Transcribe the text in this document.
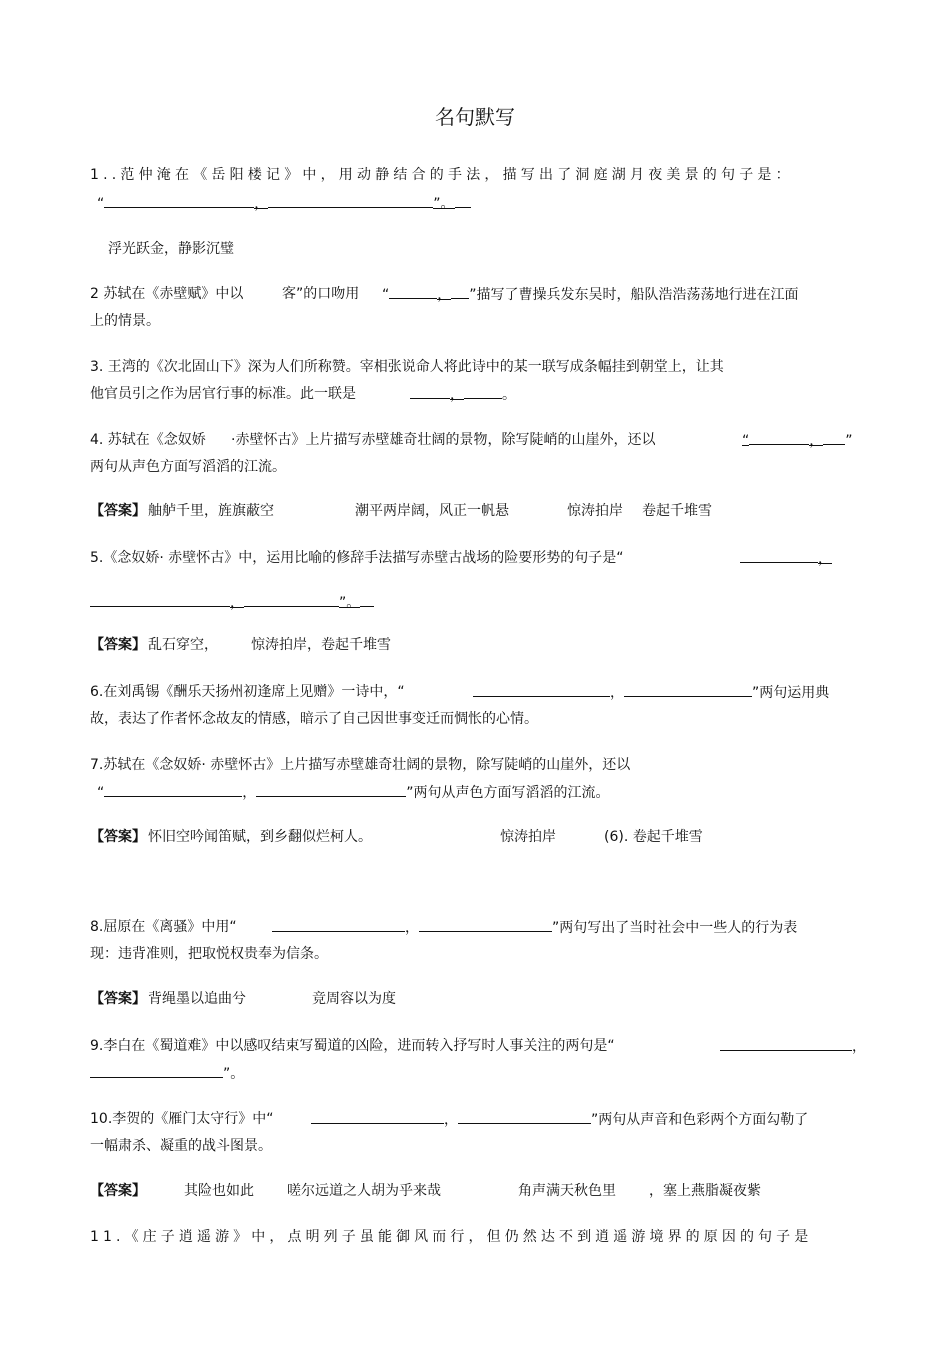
名句默写
1..范仲淹在《岳阳楼记》中，用动静结合的手法，描写出了洞庭湖月夜美景的句子是：
“	，	”。
浮光跃金，静影沉璧
2 苏轼在《赤壁赋》中以	客”的口吻用 “	， ”描写了曹操兵发东吴时，船队浩浩荡荡地行进在江面
上的情景。
3. 王湾的《次北固山下》深为人们所称赞。宰相张说命人将此诗中的某一联写成条幅挂到朝堂上，让其
他官员引之作为居官行事的标准。此一联是	，	。
4. 苏轼在《念奴娇 ·赤壁怀古》上片描写赤壁雄奇壮阔的景物，除写陡峭的山崖外，还以	“	， ”
两句从声色方面写滔滔的江流。
【答案】 舳舻千里，旌旗蔽空	潮平两岸阔，风正一帆悬	惊涛拍岸 卷起千堆雪
5.《念奴娇· 赤壁怀古》中，运用比喻的修辞手法描写赤壁古战场的险要形势的句子是“	，
，	”。
【答案】 乱石穿空， 惊涛拍岸，卷起千堆雪
6.在刘禹锡《酬乐天扬州初逢席上见赠》一诗中，“	，	”两句运用典
故，表达了作者怀念故友的情感，暗示了自己因世事变迁而惆怅的心情。
7.苏轼在《念奴娇· 赤壁怀古》上片描写赤壁雄奇壮阔的景物，除写陡峭的山崖外，还以
“	，	”两句从声色方面写滔滔的江流。
【答案】 怀旧空吟闻笛赋，到乡翻似烂柯人。	惊涛拍岸	(6). 卷起千堆雪
8.屈原在《离骚》中用“	，	”两句写出了当时社会中一些人的行为表
现：违背准则，把取悦权贵奉为信条。
【答案】 背绳墨以追曲兮	竞周容以为度
9.李白在《蜀道难》中以感叹结束写蜀道的凶险，进而转入抒写时人事关注的两句是“	，
”。
10.李贺的《雁门太守行》中“	，	”两句从声音和色彩两个方面勾勒了
一幅肃杀、凝重的战斗图景。
【答案】	其险也如此 嗟尔远道之人胡为乎来哉	角声满天秋色里 ，塞上燕脂凝夜紫
11.《庄子逍遥游》中，点明列子虽能御风而行，但仍然达不到逍遥游境界的原因的句子是
